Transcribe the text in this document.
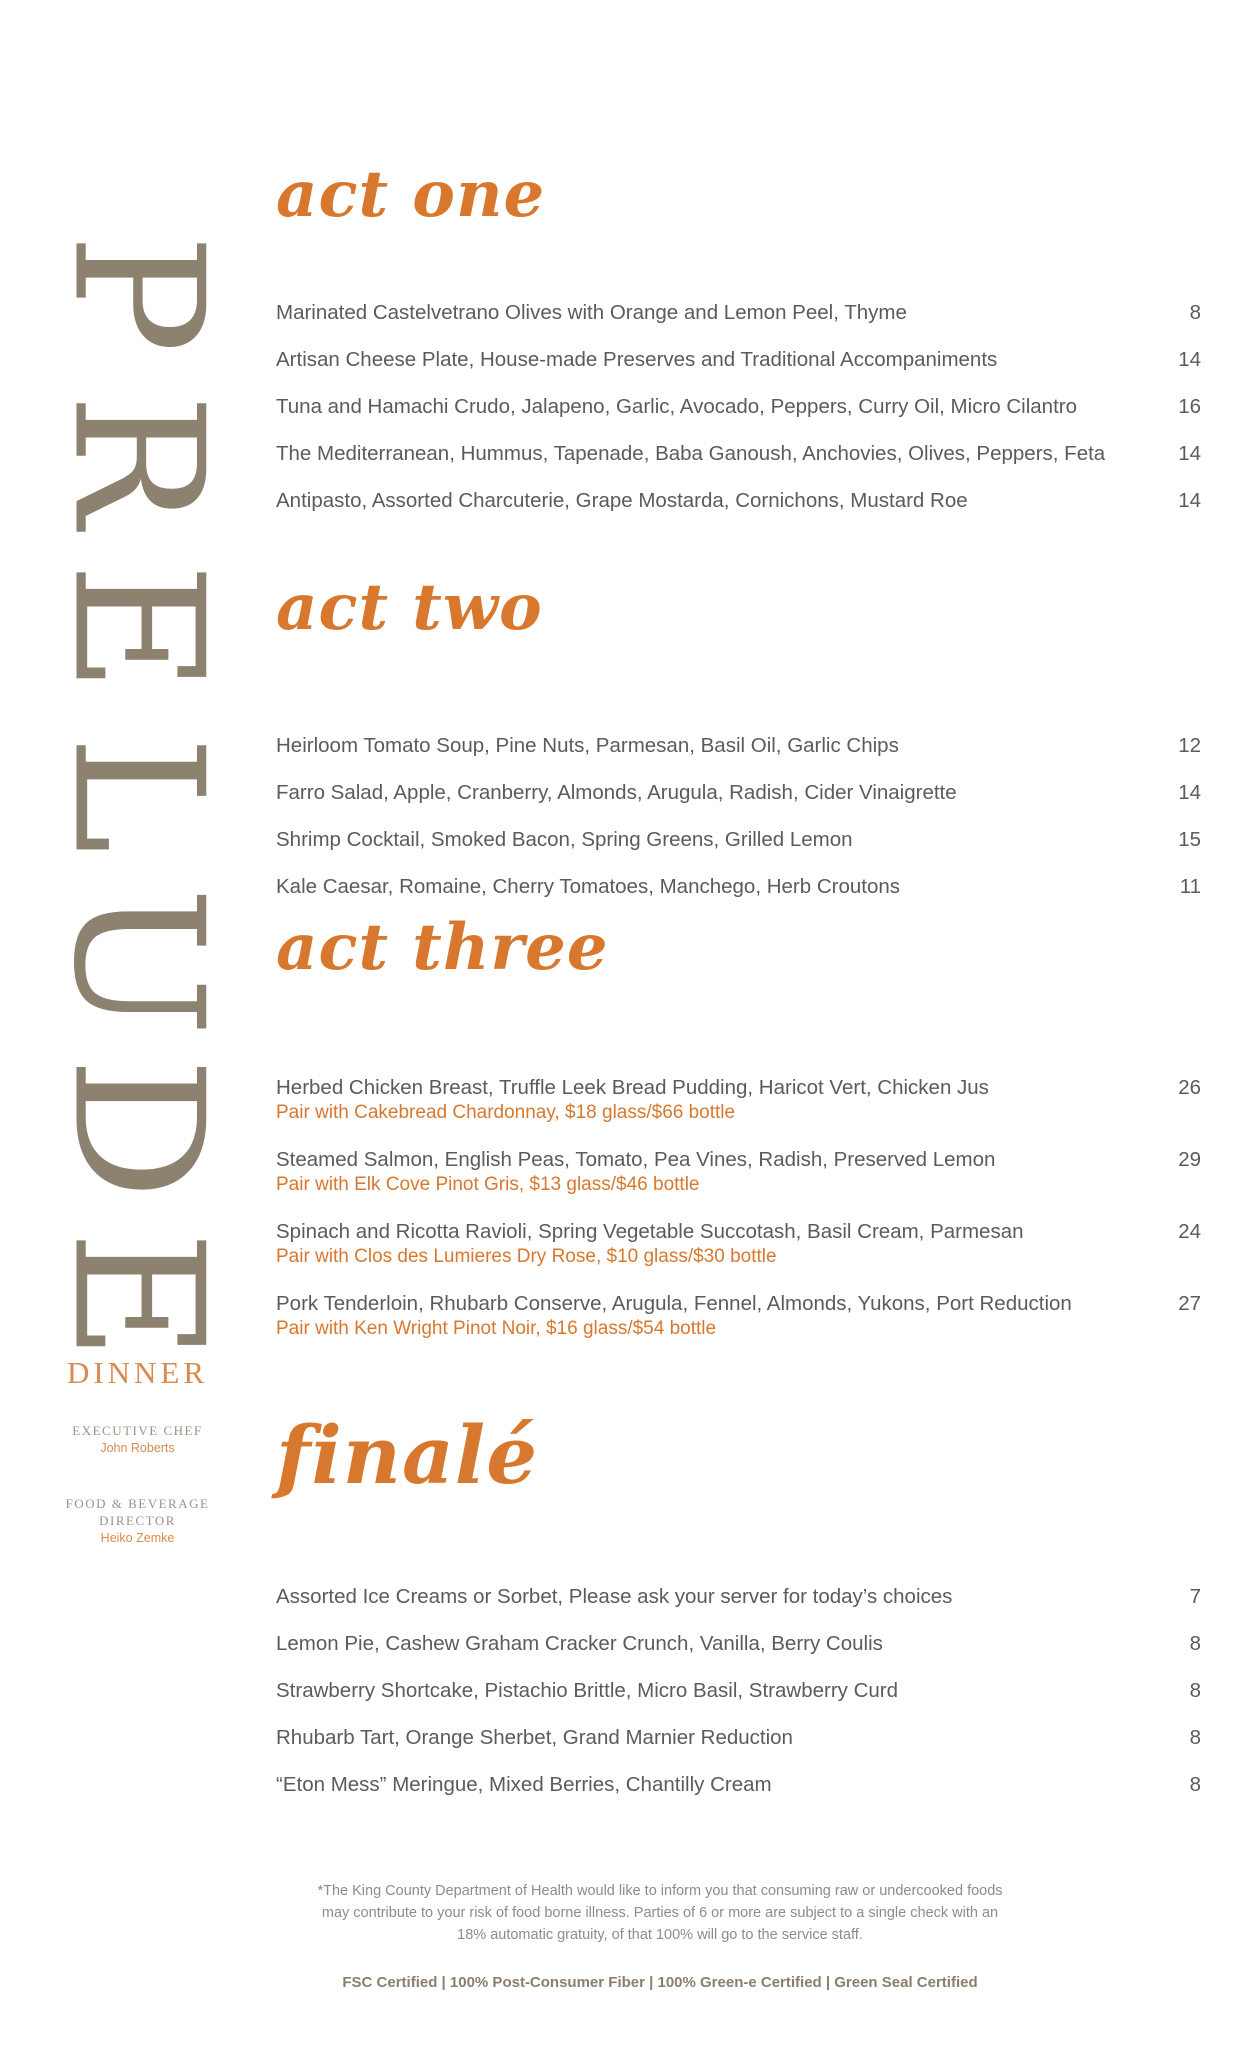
P
R
E
L
U
D
E
DINNER
EXECUTIVE CHEF
John Roberts
FOOD & BEVERAGE
DIRECTOR
Heiko Zemke
act one
Marinated Castelvetrano Olives with Orange and Lemon Peel, Thyme	8
Artisan Cheese Plate, House-made Preserves and Traditional Accompaniments	14
Tuna and Hamachi Crudo, Jalapeno, Garlic, Avocado, Peppers, Curry Oil, Micro Cilantro	16
The Mediterranean, Hummus, Tapenade, Baba Ganoush, Anchovies, Olives, Peppers, Feta	14
Antipasto, Assorted Charcuterie, Grape Mostarda, Cornichons, Mustard Roe	14
act two
Heirloom Tomato Soup, Pine Nuts, Parmesan, Basil Oil, Garlic Chips	12
Farro Salad, Apple, Cranberry, Almonds, Arugula, Radish, Cider Vinaigrette	14
Shrimp Cocktail, Smoked Bacon, Spring Greens, Grilled Lemon	15
Kale Caesar, Romaine, Cherry Tomatoes, Manchego, Herb Croutons	11
act three
Herbed Chicken Breast, Truffle Leek Bread Pudding, Haricot Vert, Chicken Jus	26
Pair with Cakebread Chardonnay, $18 glass/$66 bottle
Steamed Salmon, English Peas, Tomato, Pea Vines, Radish, Preserved Lemon	29
Pair with Elk Cove Pinot Gris, $13 glass/$46 bottle
Spinach and Ricotta Ravioli, Spring Vegetable Succotash, Basil Cream, Parmesan	24
Pair with Clos des Lumieres Dry Rose, $10 glass/$30 bottle
Pork Tenderloin, Rhubarb Conserve, Arugula, Fennel, Almonds, Yukons, Port Reduction	27
Pair with Ken Wright Pinot Noir, $16 glass/$54 bottle
finalé
Assorted Ice Creams or Sorbet, Please ask your server for today’s choices	7
Lemon Pie, Cashew Graham Cracker Crunch, Vanilla, Berry Coulis	8
Strawberry Shortcake, Pistachio Brittle, Micro Basil, Strawberry Curd	8
Rhubarb Tart, Orange Sherbet, Grand Marnier Reduction	8
“Eton Mess” Meringue, Mixed Berries, Chantilly Cream	8
*The King County Department of Health would like to inform you that consuming raw or undercooked foods
may contribute to your risk of food borne illness. Parties of 6 or more are subject to a single check with an
18% automatic gratuity, of that 100% will go to the service staff.
FSC Certified | 100% Post-Consumer Fiber | 100% Green-e Certified | Green Seal Certified
